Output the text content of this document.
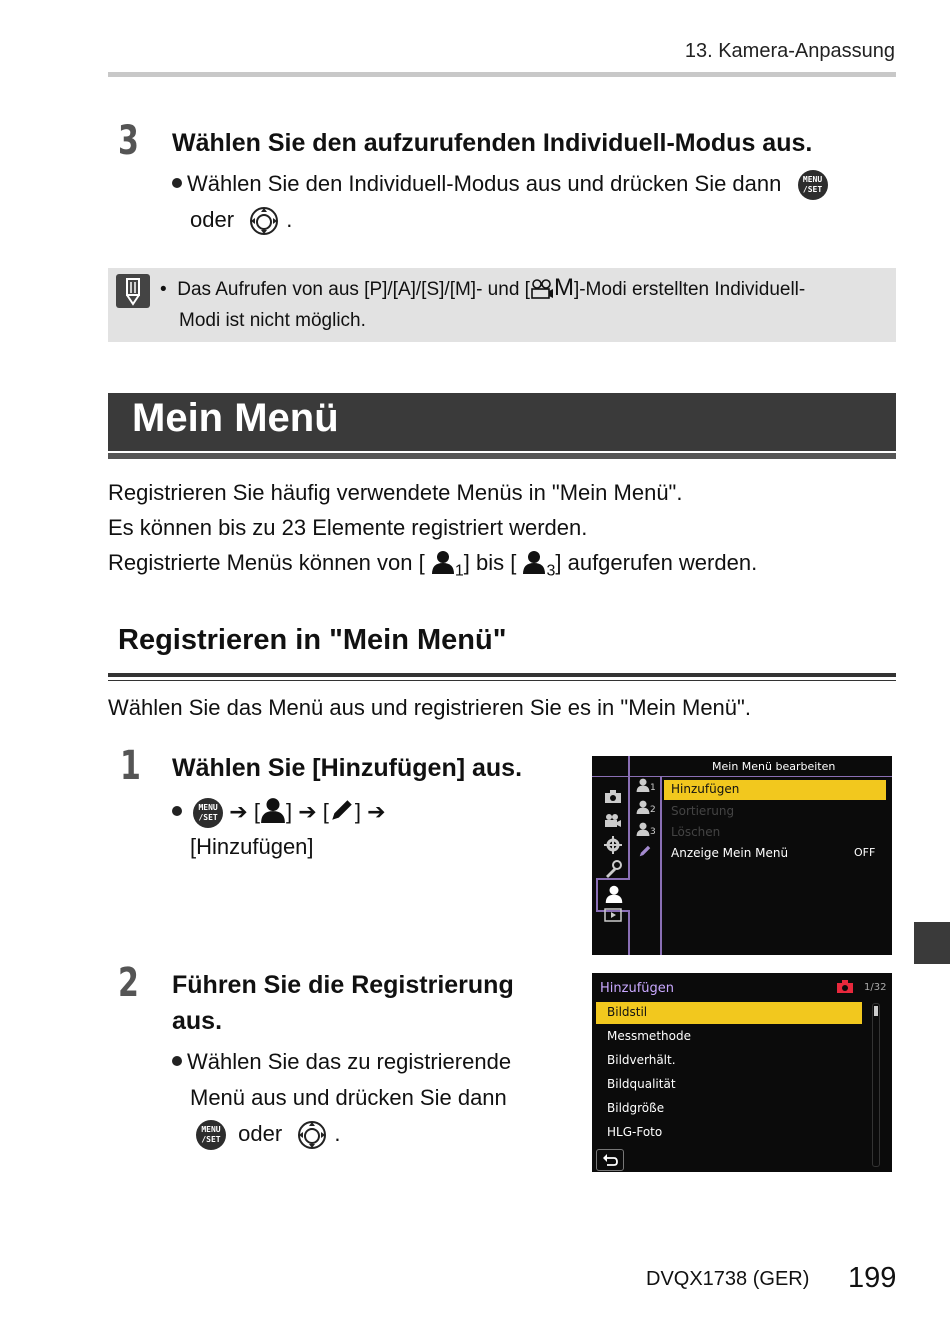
13. Kamera-Anpassung
3 Wählen Sie den aufzurufenden Individuell-Modus aus.
Wählen Sie den Individuell-Modus aus und drücken Sie dann	MENU
/SET
oder .
• Das Aufrufen von aus [P]/[A]/[S]/[M]- und [ M]-Modi erstellten Individuell-
Modi ist nicht möglich.
Mein Menü
Registrieren Sie häufig verwendete Menüs in "Mein Menü".
Es können bis zu 23 Elemente registriert werden.
Registrierte Menüs können von [ $_1$] bis [ $_3$] aufgerufen werden.
Registrieren in "Mein Menü"
Wählen Sie das Menü aus und registrieren Sie es in "Mein Menü".
1 Wählen Sie [Hinzufügen] aus.
MENU
/SET ➔ [ ] ➔ [ ] ➔
[Hinzufügen]
Mein Menü bearbeiten
1
2
3
Hinzufügen
Sortierung
Löschen
Anzeige Mein Menü	OFF
2 Führen Sie die Registrierung
aus.
Wählen Sie das zu registrierende
Menü aus und drücken Sie dann
MENU
/SET oder .
Hinzufügen	1/32
Bildstil
Messmethode
Bildverhält.
Bildqualität
Bildgröße
HLG-Foto
DVQX1738 (GER) 199
